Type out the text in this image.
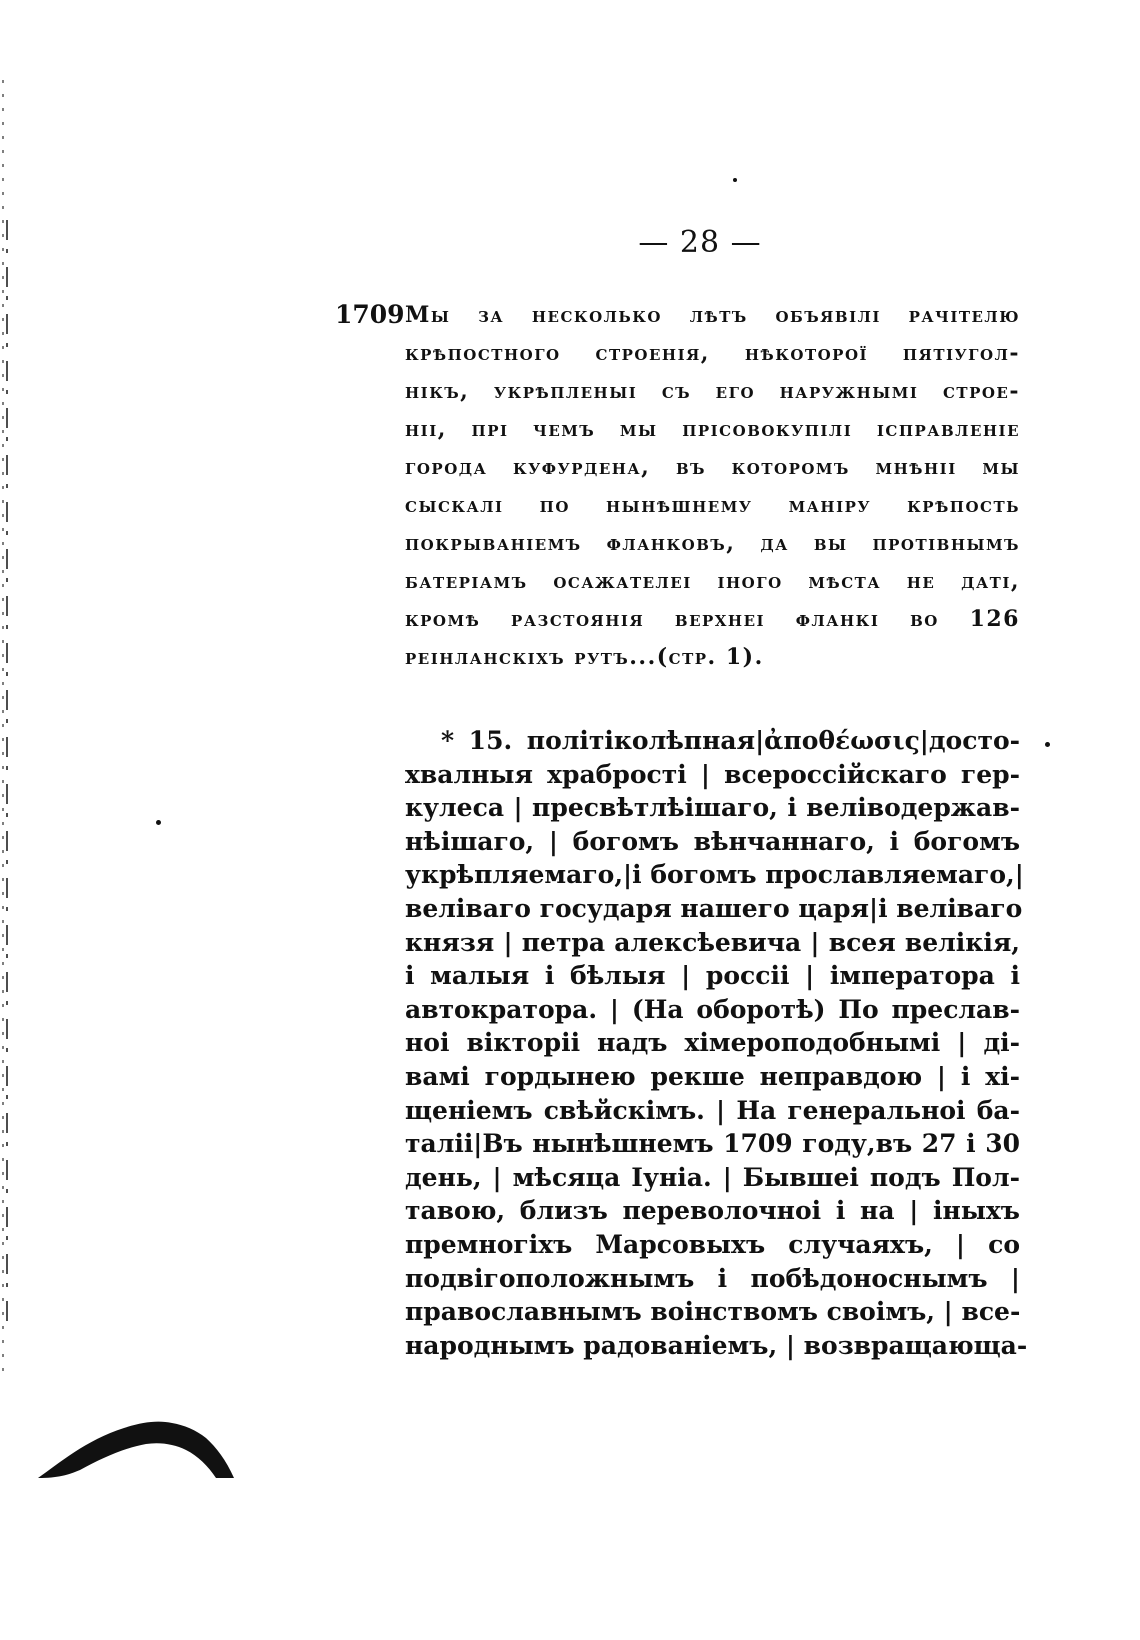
— 28 —
1709 Мы за несколько лѣтъ объявілі рачітелю
крѣпостного строенія, нѣкоторої пятіугол-
нікъ, укрѣпленыі съ его наружнымі строе-
ніі, прі чемъ мы прісовокупілі ісправленіе
города куфурдена, въ которомъ мнѣніі мы
сыскалі по нынѣшнему маніру крѣпость
покрываніемъ фланковъ, да вы протівнымъ
батеріамъ осажателеі іного мѣста не даті,
кромѣ разстоянія верхнеі фланкі во 126
реінланскіхъ рутъ...(стр. 1).
* 15. політіколѣпная|ἀποθέωσις|досто-
хвалныя храбрості | всероссійскаго гер-
кулеса | пресвѣтлѣішаго, і веліводержав-
нѣішаго, | богомъ вѣнчаннаго, і богомъ
укрѣпляемаго,|і богомъ прославляемаго,|
веліваго государя нашего царя|і веліваго
князя | петра алексѣевича | всея велікія,
і малыя і бѣлыя | россіі | імператора і
автократора. | (На оборотѣ) По преслав-
ноі вікторіі надъ хімероподобнымі | ді-
вамі гордынею рекше неправдою | і хі-
щеніемъ свѣйскімъ. | На генеральноі ба-
таліі|Въ нынѣшнемъ 1709 году,въ 27 і 30
день, | мѣсяца Іуніа. | Бывшеі подъ Пол-
тавою, близъ переволочноі і на | іныхъ
премногіхъ Марсовыхъ случаяхъ, | со
подвігоположнымъ і побѣдоноснымъ |
православнымъ воінствомъ своімъ, | все-
народнымъ радованіемъ, | возвращающа-
